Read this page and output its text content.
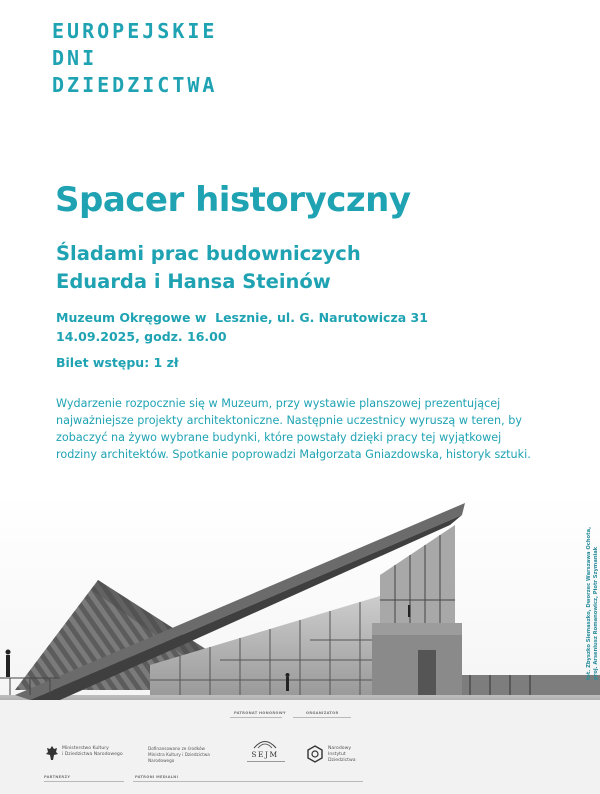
EUROPEJSKIE
DNI
DZIEDZICTWA
Spacer historyczny
Śladami prac budowniczych
Eduarda i Hansa Steinów
Muzeum Okręgowe w  Lesznie, ul. G. Narutowicza 31
14.09.2025, godz. 16.00
Bilet wstępu: 1 zł
Wydarzenie rozpocznie się w Muzeum, przy wystawie planszowej prezentującej najważniejsze projekty architektoniczne. Następnie uczestnicy wyruszą w teren, by zobaczyć na żywo wybrane budynki, które powstały dzięki pracy tej wyjątkowej rodziny architektów. Spotkanie poprowadzi Małgorzata Gniazdowska, historyk sztuki.
fot. Zbyszko Siemaszko, Dworzec Warszawa Ochota, proj. Arseniusz Romanowicz, Piotr Szymaniak
PATRONAT HONOROWY	ORGANIZATOR
Ministerstwo Kultury
i Dziedzictwa Narodowego
Dofinansowano ze środków
Ministra Kultury i Dziedzictwa
Narodowego
SEJM
Narodowy
Instytut
Dziedzictwa
PARTNERZY	PATRONI MEDIALNI
